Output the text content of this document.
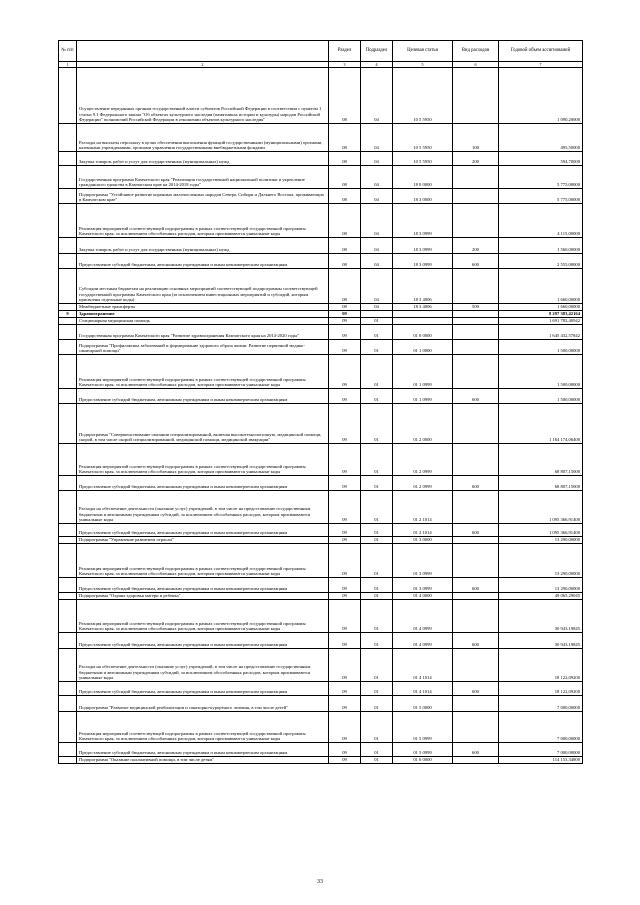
№ п/п		Раздел	Подраздел	Целевая статья	Вид расходов	Годовой объем ассигнований
1	2	3	4	5	6	7
	Осуществление переданных органам государственной власти субъектов Российской Федерации в соответствии с пунктом 1 статьи 9.1 Федерального закона "Об объектах культурного наследия (памятниках истории и культуры) народов Российской Федерации" полномочий Российской Федерации в отношении объектов культурного наследия"	08	04	10 5 5950		1 090,20000
	Расходы на выплаты персоналу в целях обеспечения выполнения функций государственными (муниципальными) органами, казенными учреждениями, органами управления государственными внебюджетными фондами	08	04	10 5 5950	100	495,50000
	Закупка товаров, работ и услуг для государственных (муниципальных) нужд	08	04	10 5 5950	200	594,70000
	Государственная программа Камчатского края "Реализация государственной национальной политики и укрепление гражданского единства в Камчатском крае на 2014-2018 годы"	08	04	18 0 0000		5 775,00000
	Подпрограмма "Устойчивое развитие коренных малочисленных народов Севера, Сибири и Дальнего Востока, проживающих в Камчатском крае"	08	04	18 3 0000		5 775,00000
	Реализация мероприятий соответствующей подпрограммы в рамках соответствующей государственной программы Камчатского края, за исключением обособленных расходов, которым присваиваются уникальные коды	08	04	18 3 0999		4 115,00000
	Закупка товаров, работ и услуг для государственных (муниципальных) нужд	08	04	18 3 0999	200	1 560,00000
	Предоставление субсидий бюджетным, автономным учреждениям и иным некоммерческим организациям	08	04	18 3 0999	600	2 555,00000
	Субсидии местным бюджетам на реализацию основных мероприятий соответствующей подпрограммы соответствующей государственной программы Камчатского края (за исключением инвестиционных мероприятий и субсидий, которым присвоены отдельные коды)	08	04	18 3 4006		1 660,00000
	Межбюджетные трансферты	08	04	18 3 4006	500	1 660,00000
9	Здравоохранение	09				8 297 383,42164
	Стационарная медицинская помощь	09	01			1 691 782,40942
	Государственная программа Камчатского края "Развитие здравоохранения Камчатского края на 2014-2020 годы"	09	01	01 0 0000		1 645 432,57842
	Подпрограмма "Профилактика заболеваний и формирование здорового образа жизни. Развитие первичной медико-санитарной помощи"	09	01	01 1 0000		1 500,00000
	Реализация мероприятий соответствующей подпрограммы в рамках соответствующей государственной программы Камчатского края, за исключением обособленных расходов, которым присваиваются уникальные коды	09	01	01 1 0999		1 500,00000
	Предоставление субсидий бюджетным, автономным учреждениям и иным некоммерческим организациям	09	01	01 1 0999	600	1 500,00000
	Подпрограмма "Совершенствование оказания специализированной, включая высокотехнологичную, медицинской помощи, скорой, в том числе скорой специализированной, медицинской помощи, медицинской эвакуации"	09	01	01 2 0000		1 164 174,06400
	Реализация мероприятий соответствующей подпрограммы в рамках соответствующей государственной программы Камчатского края, за исключением обособленных расходов, которым присваиваются уникальные коды	09	01	01 2 0999		68 807,15000
	Предоставление субсидий бюджетным, автономным учреждениям и иным некоммерческим организациям	09	01	01 2 0999	600	68 807,15000
	Расходы на обеспечение деятельности (оказание услуг) учреждений, в том числе на предоставление государственным бюджетным и автономным учреждениям субсидий, за исключением обособленных расходов, которым присваиваются уникальные коды	09	01	01 2 1014		1 095 366,91400
	Предоставление субсидий бюджетным, автономным учреждениям и иным некоммерческим организациям	09	01	01 2 1014	600	1 095 366,91400
	Подпрограмма "Управление развитием отрасли"	09	01	01 3 0000		13 290,00000
	Реализация мероприятий соответствующей подпрограммы в рамках соответствующей государственной программы Камчатского края, за исключением обособленных расходов, которым присваиваются уникальные коды	09	01	01 3 0999		13 290,00000
	Предоставление субсидий бюджетным, автономным учреждениям и иным некоммерческим организациям	09	01	01 3 0999	600	13 290,00000
	Подпрограмма "Охрана здоровья матери и ребенка"	09	01	01 4 0000		49 065,29045
	Реализация мероприятий соответствующей подпрограммы в рамках соответствующей государственной программы Камчатского края, за исключением обособленных расходов, которым присваиваются уникальные коды	09	01	01 4 0999		30 943,19845
	Предоставление субсидий бюджетным, автономным учреждениям и иным некоммерческим организациям	09	01	01 4 0999	600	30 943,19845
	Расходы на обеспечение деятельности (оказание услуг) учреждений, в том числе на предоставление государственным бюджетным и автономным учреждениям субсидий, за исключением обособленных расходов, которым присваиваются уникальные коды	09	01	01 4 1014		18 122,09200
	Предоставление субсидий бюджетным, автономным учреждениям и иным некоммерческим организациям	09	01	01 4 1014	600	18 122,09200
	Подпрограмма "Развитие медицинской реабилитации и санаторно-курортного лечения, в том числе детей"	09	01	01 5 0000		7 000,00000
	Реализация мероприятий соответствующей подпрограммы в рамках соответствующей государственной программы Камчатского края, за исключением обособленных расходов, которым присваиваются уникальные коды	09	01	01 5 0999		7 000,00000
	Предоставление субсидий бюджетным, автономным учреждениям и иным некоммерческим организациям	09	01	01 5 0999	600	7 000,00000
	Подпрограмма "Оказание паллиативной помощи, в том числе детям"	09	01	01 6 0000		114 153,34800
33
